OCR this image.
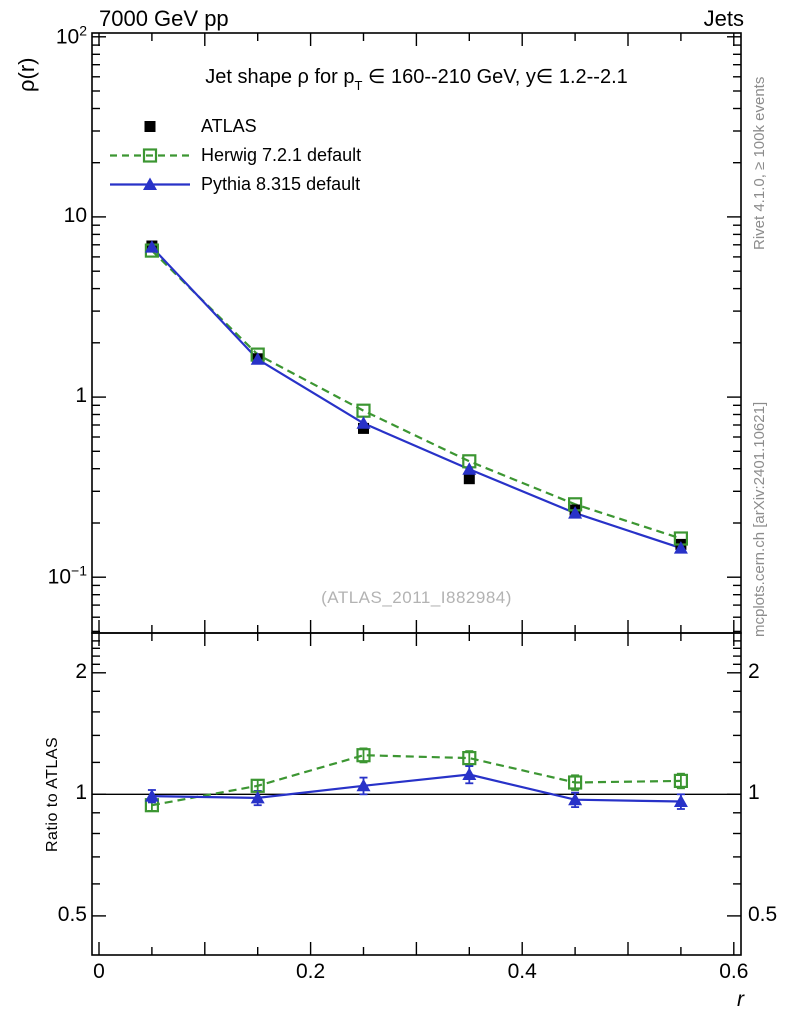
7000 GeV pp	Jets
Jet shape ρ for $p_T$ ∈ 160--210 GeV, y∈ 1.2--2.1
ATLAS
Herwig 7.2.1 default
Pythia 8.315 default
(ATLAS_2011_I882984)
ρ(r)
Ratio to ATLAS
Rivet 4.1.0, ≥ 100k events
mcplots.cern.ch [arXiv:2401.10621]
r
$10^2$
10
1
$10^{-1}$
2	2
1	1
0.5	0.5
0	0.2	0.4	0.6
